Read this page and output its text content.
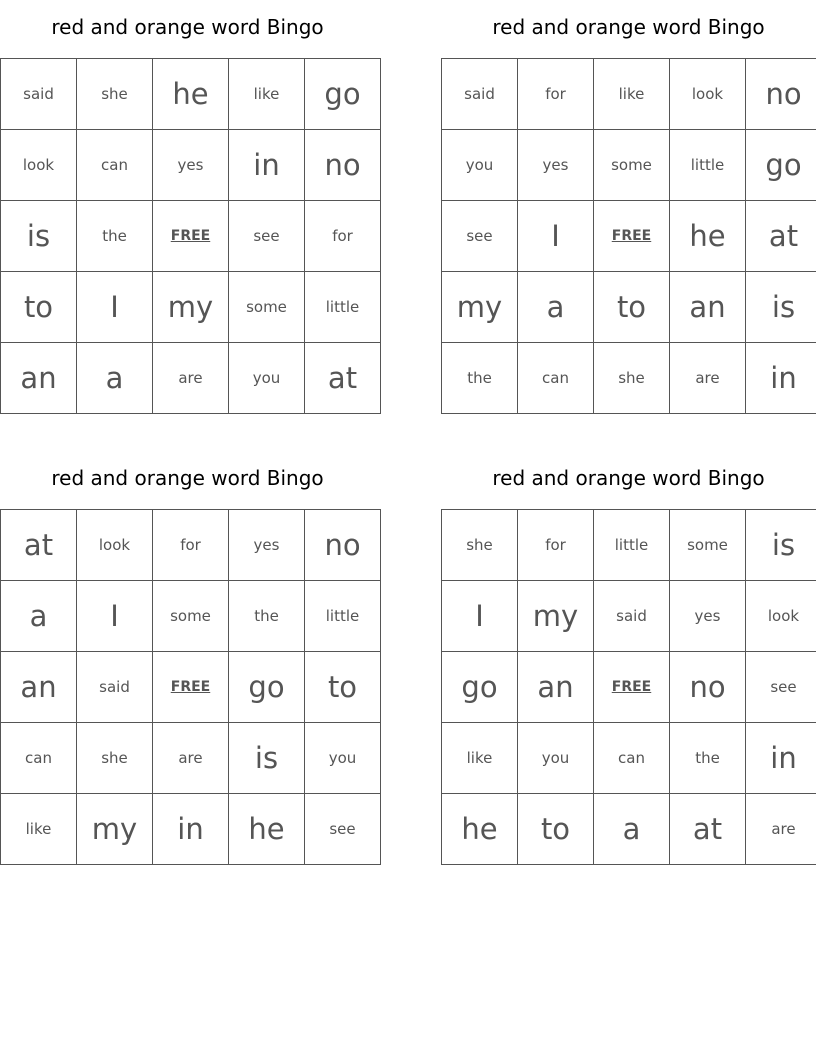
red and orange word Bingo
said	she	he	like	go
look	can	yes	in	no
is	the	FREE	see	for
to	I	my	some	little
an	a	are	you	at
red and orange word Bingo
said	for	like	look	no
you	yes	some	little	go
see	I	FREE	he	at
my	a	to	an	is
the	can	she	are	in
red and orange word Bingo
at	look	for	yes	no
a	I	some	the	little
an	said	FREE	go	to
can	she	are	is	you
like	my	in	he	see
red and orange word Bingo
she	for	little	some	is
I	my	said	yes	look
go	an	FREE	no	see
like	you	can	the	in
he	to	a	at	are
